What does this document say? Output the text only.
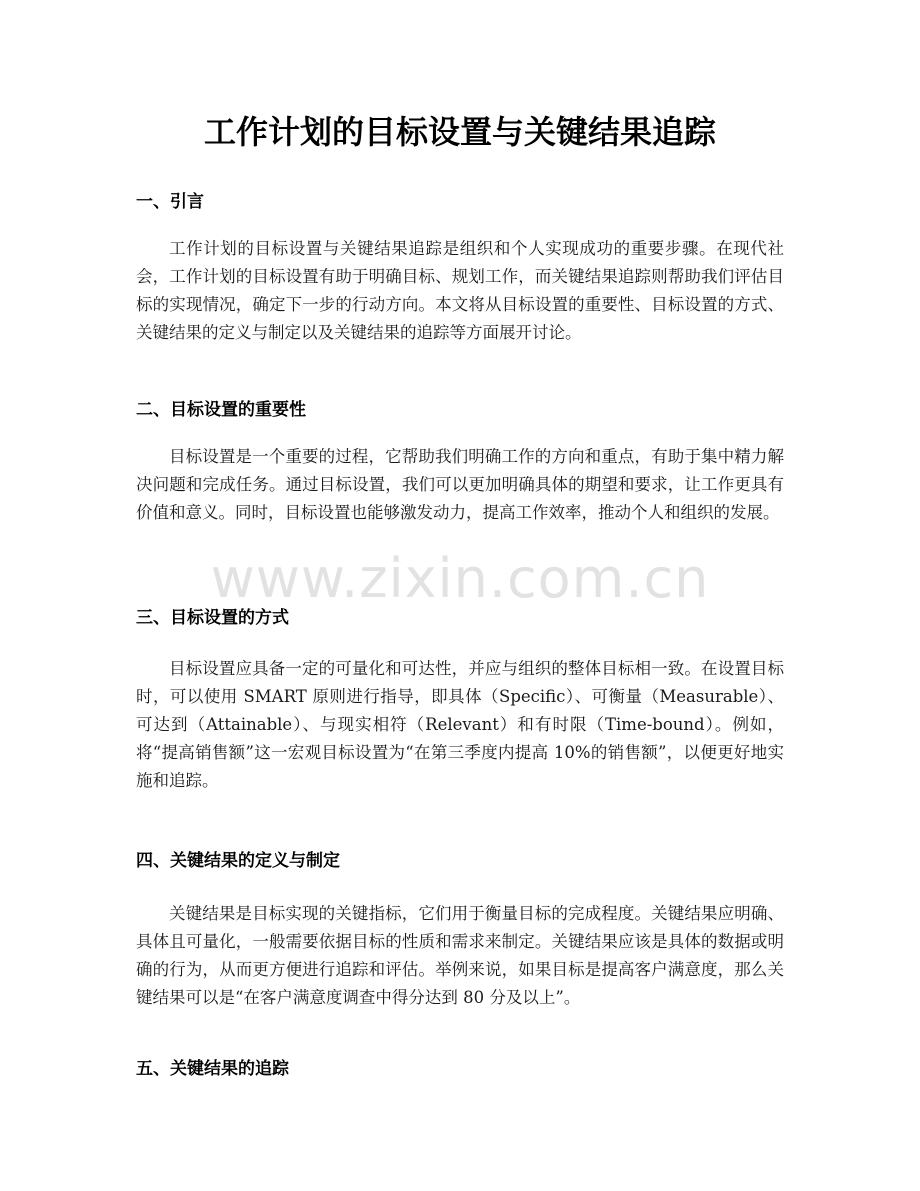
工作计划的目标设置与关键结果追踪
一、引言

工作计划的目标设置与关键结果追踪是组织和个人实现成功的重要步骤。在现代社会，工作计划的目标设置有助于明确目标、规划工作，而关键结果追踪则帮助我们评估目标的实现情况，确定下一步的行动方向。本文将从目标设置的重要性、目标设置的方式、关键结果的定义与制定以及关键结果的追踪等方面展开讨论。

二、目标设置的重要性

目标设置是一个重要的过程，它帮助我们明确工作的方向和重点，有助于集中精力解决问题和完成任务。通过目标设置，我们可以更加明确具体的期望和要求，让工作更具有价值和意义。同时，目标设置也能够激发动力，提高工作效率，推动个人和组织的发展。

三、目标设置的方式

目标设置应具备一定的可量化和可达性，并应与组织的整体目标相一致。在设置目标时，可以使用 SMART 原则进行指导，即具体（Specific）、可衡量（Measurable）、可达到（Attainable）、与现实相符（Relevant）和有时限（Time-bound）。例如，将“提高销售额”这一宏观目标设置为“在第三季度内提高 10%的销售额”，以便更好地实施和追踪。

四、关键结果的定义与制定

关键结果是目标实现的关键指标，它们用于衡量目标的完成程度。关键结果应明确、具体且可量化，一般需要依据目标的性质和需求来制定。关键结果应该是具体的数据或明确的行为，从而更方便进行追踪和评估。举例来说，如果目标是提高客户满意度，那么关键结果可以是“在客户满意度调查中得分达到 80 分及以上”。

五、关键结果的追踪
www.zixin.com.cn
